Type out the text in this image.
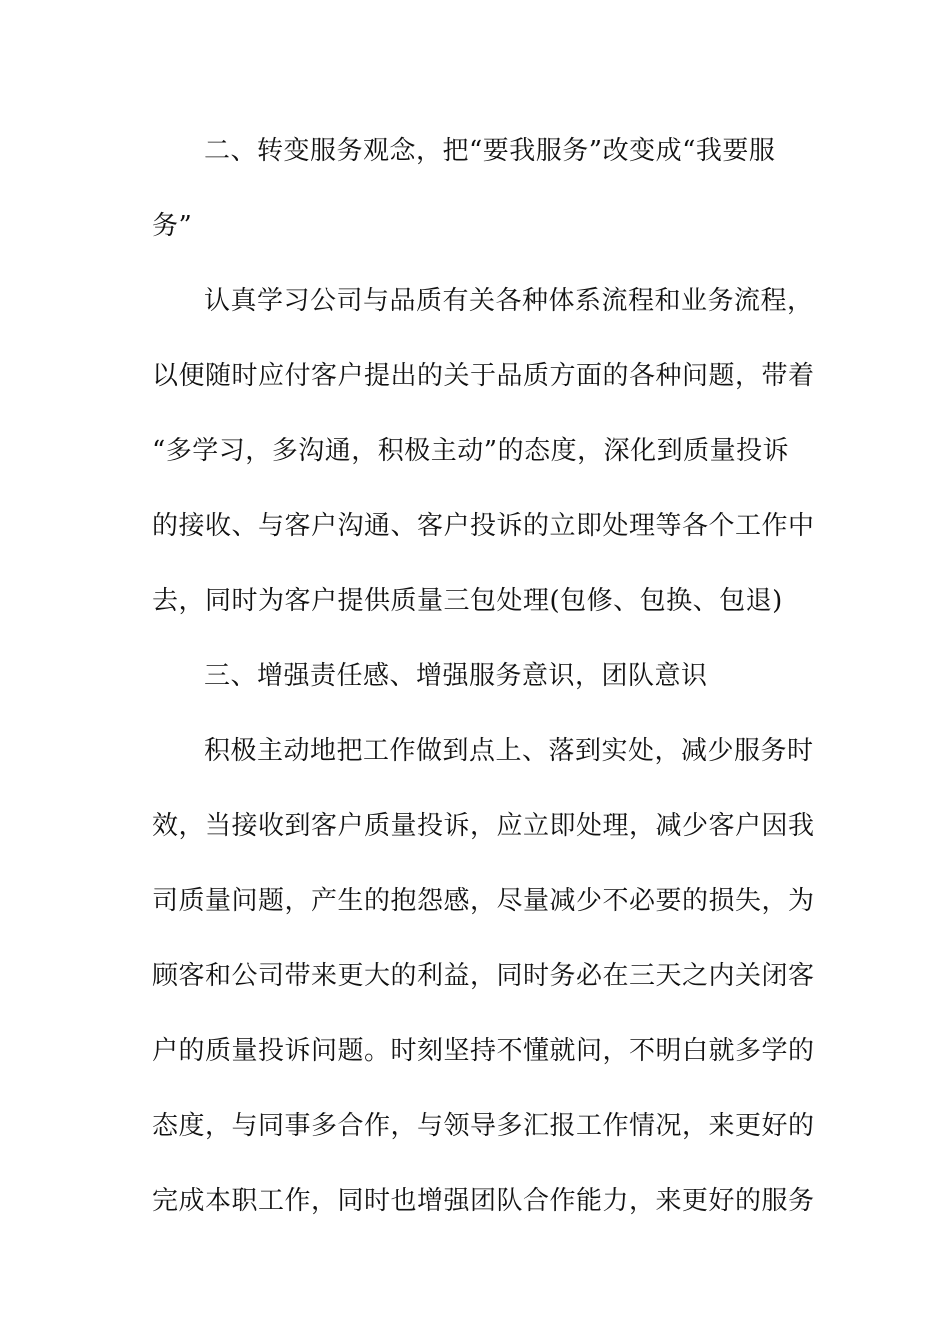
二、转变服务观念，把“要我服务”改变成“我要服
务”
认真学习公司与品质有关各种体系流程和业务流程，
以便随时应付客户提出的关于品质方面的各种问题，带着
“多学习，多沟通，积极主动”的态度，深化到质量投诉
的接收、与客户沟通、客户投诉的立即处理等各个工作中
去，同时为客户提供质量三包处理(包修、包换、包退)
三、增强责任感、增强服务意识，团队意识
积极主动地把工作做到点上、落到实处，减少服务时
效，当接收到客户质量投诉，应立即处理，减少客户因我
司质量问题，产生的抱怨感，尽量减少不必要的损失，为
顾客和公司带来更大的利益，同时务必在三天之内关闭客
户的质量投诉问题。时刻坚持不懂就问，不明白就多学的
态度，与同事多合作，与领导多汇报工作情况，来更好的
完成本职工作，同时也增强团队合作能力，来更好的服务
